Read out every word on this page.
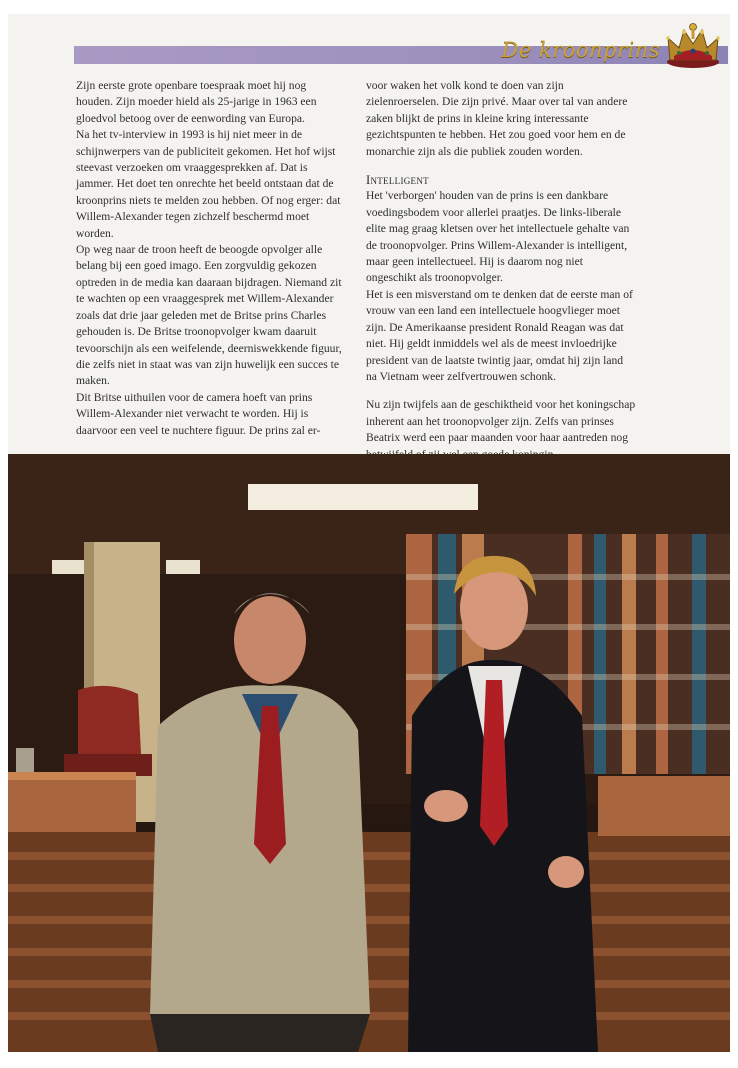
De kroonprins

Zijn eerste grote openbare toespraak moet hij nog houden. Zijn moeder hield als 25-jarige in 1963 een gloedvol betoog over de eenwording van Europa.

Na het tv-interview in 1993 is hij niet meer in de schijnwerpers van de publiciteit gekomen. Het hof wijst steevast verzoeken om vraaggesprekken af. Dat is jammer. Het doet ten onrechte het beeld ontstaan dat de kroonprins niets te melden zou hebben. Of nog erger: dat Willem-Alexander tegen zichzelf beschermd moet worden.

Op weg naar de troon heeft de beoogde opvolger alle belang bij een goed imago. Een zorgvuldig gekozen optreden in de media kan daaraan bijdragen. Niemand zit te wachten op een vraaggesprek met Willem-Alexander zoals dat drie jaar geleden met de Britse prins Charles gehouden is. De Britse troonopvolger kwam daaruit tevoorschijn als een weifelende, deerniswekkende figuur, die zelfs niet in staat was van zijn huwelijk een succes te maken.

Dit Britse uithuilen voor de camera hoeft van prins Willem-Alexander niet verwacht te worden. Hij is daarvoor een veel te nuchtere figuur. De prins zal er-

voor waken het volk kond te doen van zijn zielenroerselen. Die zijn privé. Maar over tal van andere zaken blijkt de prins in kleine kring interessante gezichtspunten te hebben. Het zou goed voor hem en de monarchie zijn als die publiek zouden worden.

Intelligent

Het 'verborgen' houden van de prins is een dankbare voedingsbodem voor allerlei praatjes. De links-liberale elite mag graag kletsen over het intellectuele gehalte van de troonopvolger. Prins Willem-Alexander is intelligent, maar geen intellectueel. Hij is daarom nog niet ongeschikt als troonopvolger.

Het is een misverstand om te denken dat de eerste man of vrouw van een land een intellectuele hoogvlieger moet zijn. De Amerikaanse president Ronald Reagan was dat niet. Hij geldt inmiddels wel als de meest invloedrijke president van de laatste twintig jaar, omdat hij zijn land na Vietnam weer zelfvertrouwen schonk.

Nu zijn twijfels aan de geschiktheid voor het koningschap inherent aan het troonopvolger zijn. Zelfs van prinses Beatrix werd een paar maanden voor haar aantreden nog
